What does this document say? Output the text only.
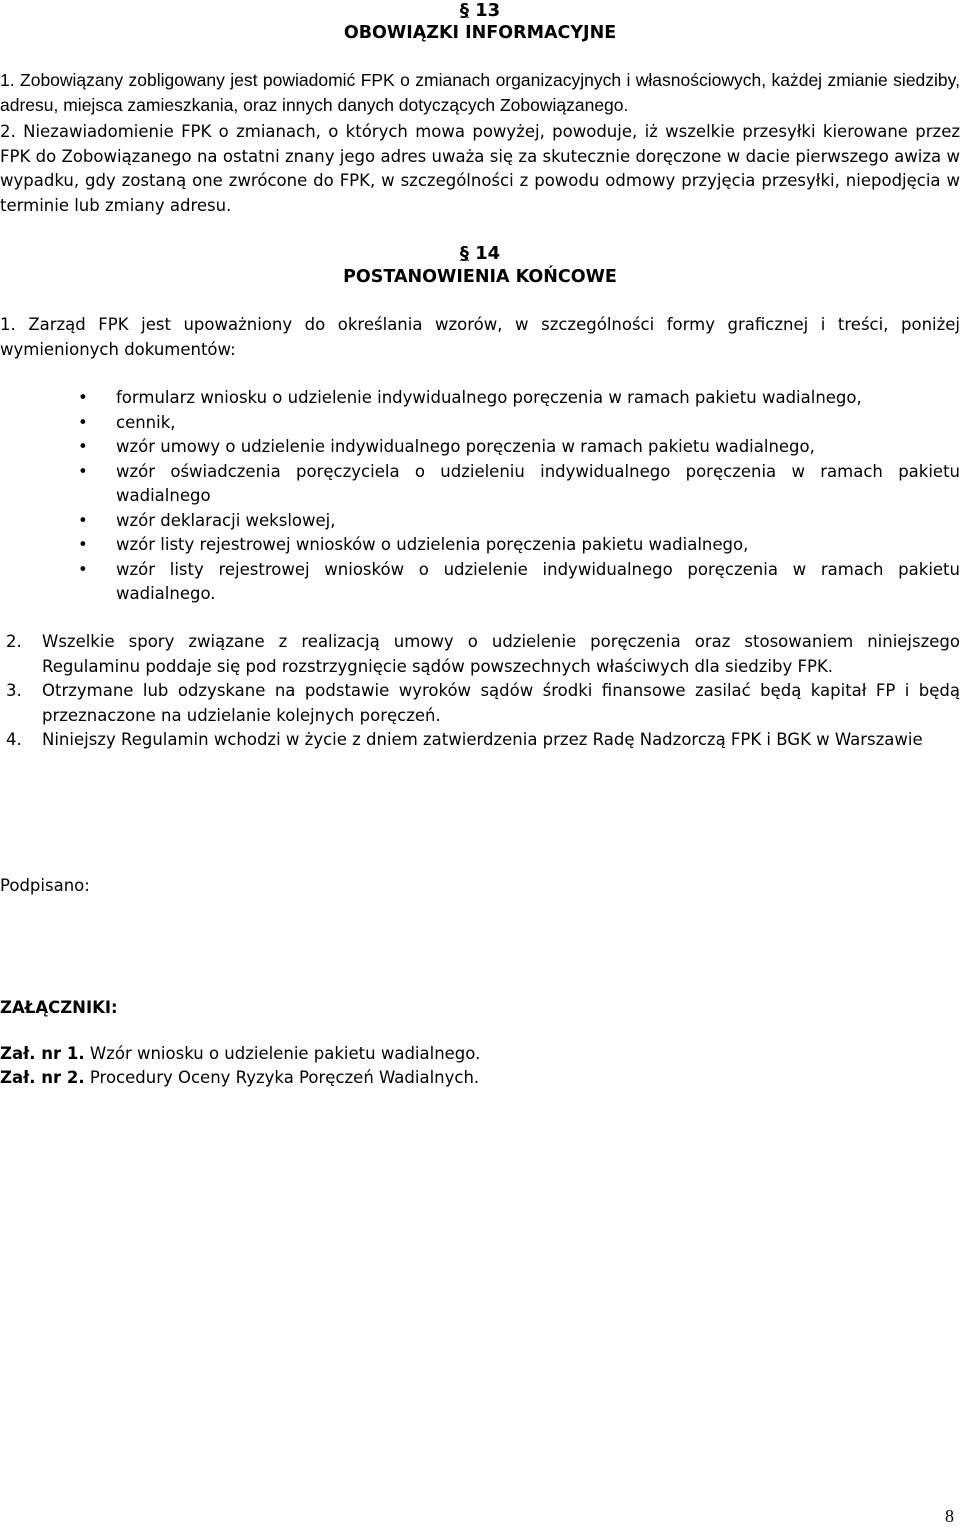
§ 13
OBOWIĄZKI INFORMACYJNE
1. Zobowiązany zobligowany jest powiadomić FPK o zmianach organizacyjnych i własnościowych, każdej zmianie siedziby, adresu, miejsca zamieszkania, oraz innych danych dotyczących Zobowiązanego.
2. Niezawiadomienie FPK o zmianach, o których mowa powyżej, powoduje, iż wszelkie przesyłki kierowane przez FPK do Zobowiązanego na ostatni znany jego adres uważa się za skutecznie doręczone w dacie pierwszego awiza w wypadku, gdy zostaną one zwrócone do FPK, w szczególności z powodu odmowy przyjęcia przesyłki, niepodjęcia w terminie lub zmiany adresu.
§ 14
POSTANOWIENIA KOŃCOWE
1. Zarząd FPK jest upoważniony do określania wzorów, w szczególności formy graficznej i treści, poniżej wymienionych dokumentów:
• formularz wniosku o udzielenie indywidualnego poręczenia w ramach pakietu wadialnego,
• cennik,
• wzór umowy o udzielenie indywidualnego poręczenia w ramach pakietu wadialnego,
• wzór oświadczenia poręczyciela o udzieleniu indywidualnego poręczenia w ramach pakietu wadialnego
• wzór deklaracji wekslowej,
• wzór listy rejestrowej wniosków o udzielenia poręczenia pakietu wadialnego,
• wzór listy rejestrowej wniosków o udzielenie indywidualnego poręczenia w ramach pakietu wadialnego.
2. Wszelkie spory związane z realizacją umowy o udzielenie poręczenia oraz stosowaniem niniejszego Regulaminu poddaje się pod rozstrzygnięcie sądów powszechnych właściwych dla siedziby FPK.
3. Otrzymane lub odzyskane na podstawie wyroków sądów środki finansowe zasilać będą kapitał FP i będą przeznaczone na udzielanie kolejnych poręczeń.
4. Niniejszy Regulamin wchodzi w życie z dniem zatwierdzenia przez Radę Nadzorczą FPK i BGK w Warszawie
Podpisano:
ZAŁĄCZNIKI:
Zał. nr 1. Wzór wniosku o udzielenie pakietu wadialnego.
Zał. nr 2. Procedury Oceny Ryzyka Poręczeń Wadialnych.
8
